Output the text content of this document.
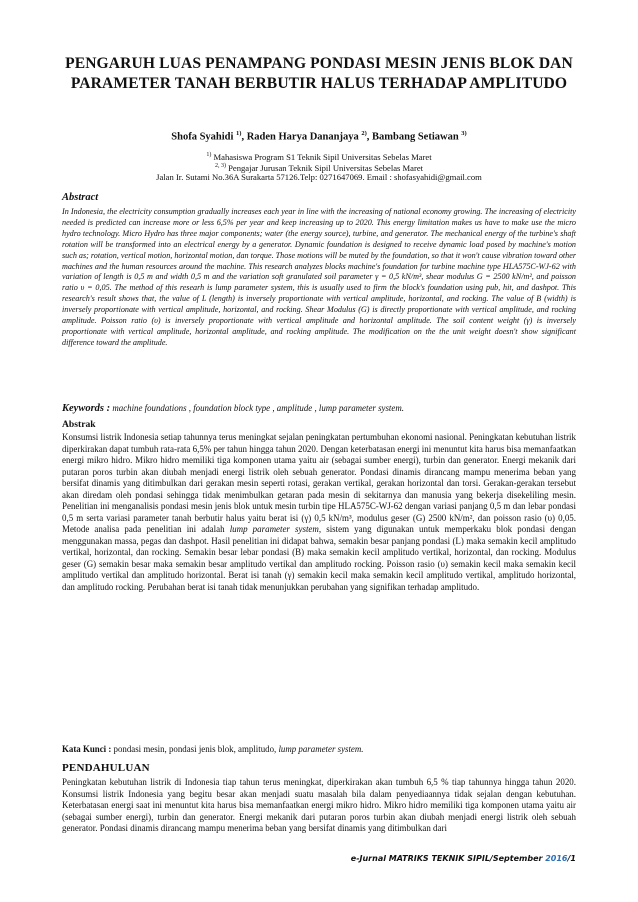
PENGARUH LUAS PENAMPANG PONDASI MESIN JENIS BLOK DAN PARAMETER TANAH BERBUTIR HALUS TERHADAP AMPLITUDO
Shofa Syahidi $^{1)}$, Raden Harya Dananjaya $^{2)}$, Bambang Setiawan $^{3)}$
$^{1)}$ Mahasiswa Program S1 Teknik Sipil Universitas Sebelas Maret
$^{2, 3)}$ Pengajar Jurusan Teknik Sipil Universitas Sebelas Maret
Jalan Ir. Sutami No.36A Surakarta 57126.Telp: 0271647069. Email : shofasyahidi@gmail.com
Abstract
In Indonesia, the electricity consumption gradually increases each year in line with the increasing of national economy growing. The increasing of electricity needed is predicted can increase more or less 6,5% per year and keep increasing up to 2020. This energy limitation makes us have to make use the micro hydro technology. Micro Hydro has three major components; water (the energy source), turbine, and generator. The mechanical energy of the turbine's shaft rotation will be transformed into an electrical energy by a generator. Dynamic foundation is designed to receive dynamic load posed by machine's motion such as; rotation, vertical motion, horizontal motion, dan torque. Those motions will be muted by the foundation, so that it won't cause vibration toward other machines and the human resources around the machine. This research analyzes blocks machine's foundation for turbine machine type HLA575C-WJ-62 with variation of length is 0,5 m and width 0,5 m and the variation soft granulated soil parameter γ = 0,5 kN/m³, shear modulus G = 2500 kN/m², and poisson ratio υ = 0,05. The method of this researh is lump parameter system, this is usually used to firm the block's foundation using pub, hit, and dashpot. This research's result shows that, the value of L (length) is inversely proportionate with vertical amplitude, horizontal, and rocking. The value of B (width) is inversely proportionate with vertical amplitude, horizontal, and rocking. Shear Modulus (G) is directly proportionate with vertical amplitude, and rocking amplitude. Poisson ratio (υ) is inversely proportionate with vertical amplitude and horizontal amplitude. The soil content weight (γ) is inversely proportionate with vertical amplitude, horizontal amplitude, and rocking amplitude. The modification on the the unit weight doesn't show significant difference toward the amplitude.
Keywords : machine foundations , foundation block type , amplitude , lump parameter system.
Abstrak
Konsumsi listrik Indonesia setiap tahunnya terus meningkat sejalan peningkatan pertumbuhan ekonomi nasional. Peningkatan kebutuhan listrik diperkirakan dapat tumbuh rata-rata 6,5% per tahun hingga tahun 2020. Dengan keterbatasan energi ini menuntut kita harus bisa memanfaatkan energi mikro hidro. Mikro hidro memiliki tiga komponen utama yaitu air (sebagai sumber energi), turbin dan generator. Energi mekanik dari putaran poros turbin akan diubah menjadi energi listrik oleh sebuah generator. Pondasi dinamis dirancang mampu menerima beban yang bersifat dinamis yang ditimbulkan dari gerakan mesin seperti rotasi, gerakan vertikal, gerakan horizontal dan torsi. Gerakan-gerakan tersebut akan diredam oleh pondasi sehingga tidak menimbulkan getaran pada mesin di sekitarnya dan manusia yang bekerja disekeliling mesin. Penelitian ini menganalisis pondasi mesin jenis blok untuk mesin turbin tipe HLA575C-WJ-62 dengan variasi panjang 0,5 m dan lebar pondasi 0,5 m serta variasi parameter tanah berbutir halus yaitu berat isi (γ) 0,5 kN/m³, modulus geser (G) 2500 kN/m², dan poisson rasio (υ) 0,05. Metode analisa pada penelitian ini adalah lump parameter system, sistem yang digunakan untuk memperkaku blok pondasi dengan menggunakan massa, pegas dan dashpot. Hasil penelitian ini didapat bahwa, semakin besar panjang pondasi (L) maka semakin kecil amplitudo vertikal, horizontal, dan rocking. Semakin besar lebar pondasi (B) maka semakin kecil amplitudo vertikal, horizontal, dan rocking. Modulus geser (G) semakin besar maka semakin besar amplitudo vertikal dan amplitudo rocking. Poisson rasio (υ) semakin kecil maka semakin kecil amplitudo vertikal dan amplitudo horizontal. Berat isi tanah (γ) semakin kecil maka semakin kecil amplitudo vertikal, amplitudo horizontal, dan amplitudo rocking. Perubahan berat isi tanah tidak menunjukkan perubahan yang signifikan terhadap amplitudo.
Kata Kunci : pondasi mesin, pondasi jenis blok, amplitudo, lump parameter system.
PENDAHULUAN
Peningkatan kebutuhan listrik di Indonesia tiap tahun terus meningkat, diperkirakan akan tumbuh 6,5 % tiap tahunnya hingga tahun 2020. Konsumsi listrik Indonesia yang begitu besar akan menjadi suatu masalah bila dalam penyediaannya tidak sejalan dengan kebutuhan. Keterbatasan energi saat ini menuntut kita harus bisa memanfaatkan energi mikro hidro. Mikro hidro memiliki tiga komponen utama yaitu air (sebagai sumber energi), turbin dan generator. Energi mekanik dari putaran poros turbin akan diubah menjadi energi listrik oleh sebuah generator. Pondasi dinamis dirancang mampu menerima beban yang bersifat dinamis yang ditimbulkan dari
e-Jurnal MATRIKS TEKNIK SIPIL/September 2016/1
